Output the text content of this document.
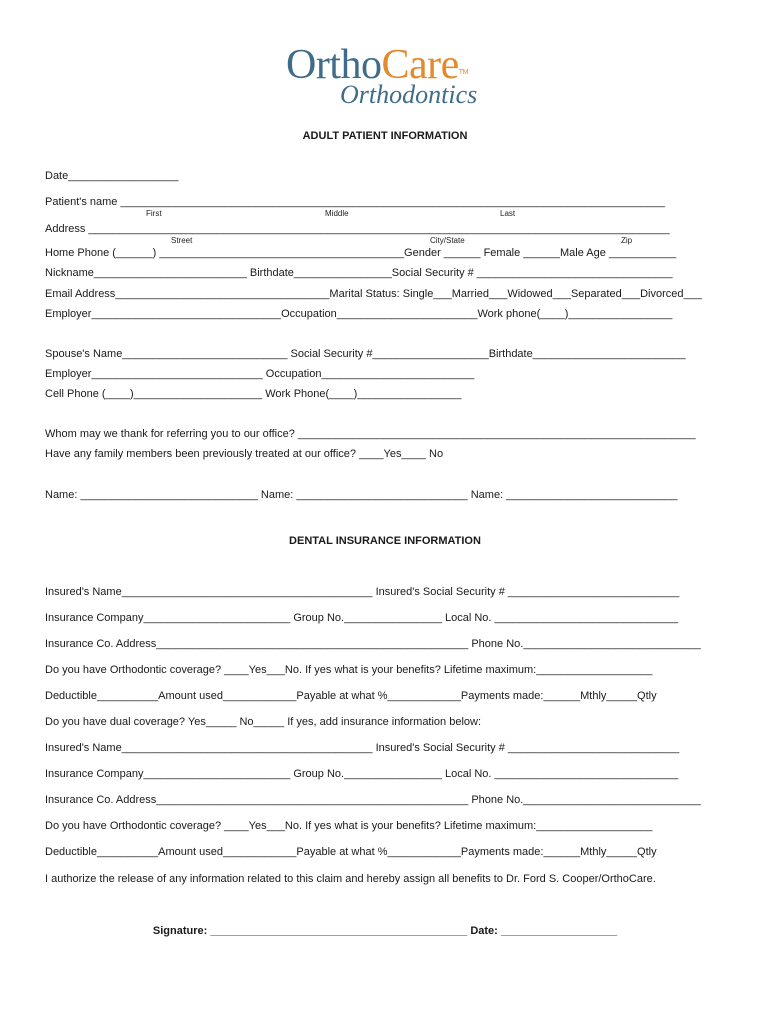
OrthoCare™
Orthodontics
ADULT PATIENT INFORMATION
Date__________________
Patient's name _________________________________________________________________________________________
First	Middle	Last
Address _______________________________________________________________________________________________
Street	City/State	Zip
Home Phone (______) ________________________________________Gender ______ Female ______Male Age ___________
Nickname_________________________ Birthdate________________Social Security # ________________________________
Email Address___________________________________Marital Status: Single___Married___Widowed___Separated___Divorced___
Employer_______________________________Occupation_______________________Work phone(____)_________________
Spouse's Name___________________________ Social Security #___________________Birthdate_________________________
Employer____________________________ Occupation_________________________
Cell Phone (____)_____________________ Work Phone(____)_________________
Whom may we thank for referring you to our office? _________________________________________________________________
Have any family members been previously treated at our office? ____Yes____ No
Name: _____________________________ Name: ____________________________ Name: ____________________________
DENTAL INSURANCE INFORMATION
Insured's Name_________________________________________ Insured's Social Security # ____________________________
Insurance Company________________________ Group No.________________ Local No. ______________________________
Insurance Co. Address___________________________________________________ Phone No._____________________________
Do you have Orthodontic coverage? ____Yes___No. If yes what is your benefits? Lifetime maximum:___________________
Deductible__________Amount used____________Payable at what %____________Payments made:______Mthly_____Qtly
Do you have dual coverage? Yes_____ No_____ If yes, add insurance information below:
Insured's Name_________________________________________ Insured's Social Security # ____________________________
Insurance Company________________________ Group No.________________ Local No. ______________________________
Insurance Co. Address___________________________________________________ Phone No._____________________________
Do you have Orthodontic coverage? ____Yes___No. If yes what is your benefits? Lifetime maximum:___________________
Deductible__________Amount used____________Payable at what %____________Payments made:______Mthly_____Qtly
I authorize the release of any information related to this claim and hereby assign all benefits to Dr. Ford S. Cooper/OrthoCare.
Signature: __________________________________________ Date: ___________________
